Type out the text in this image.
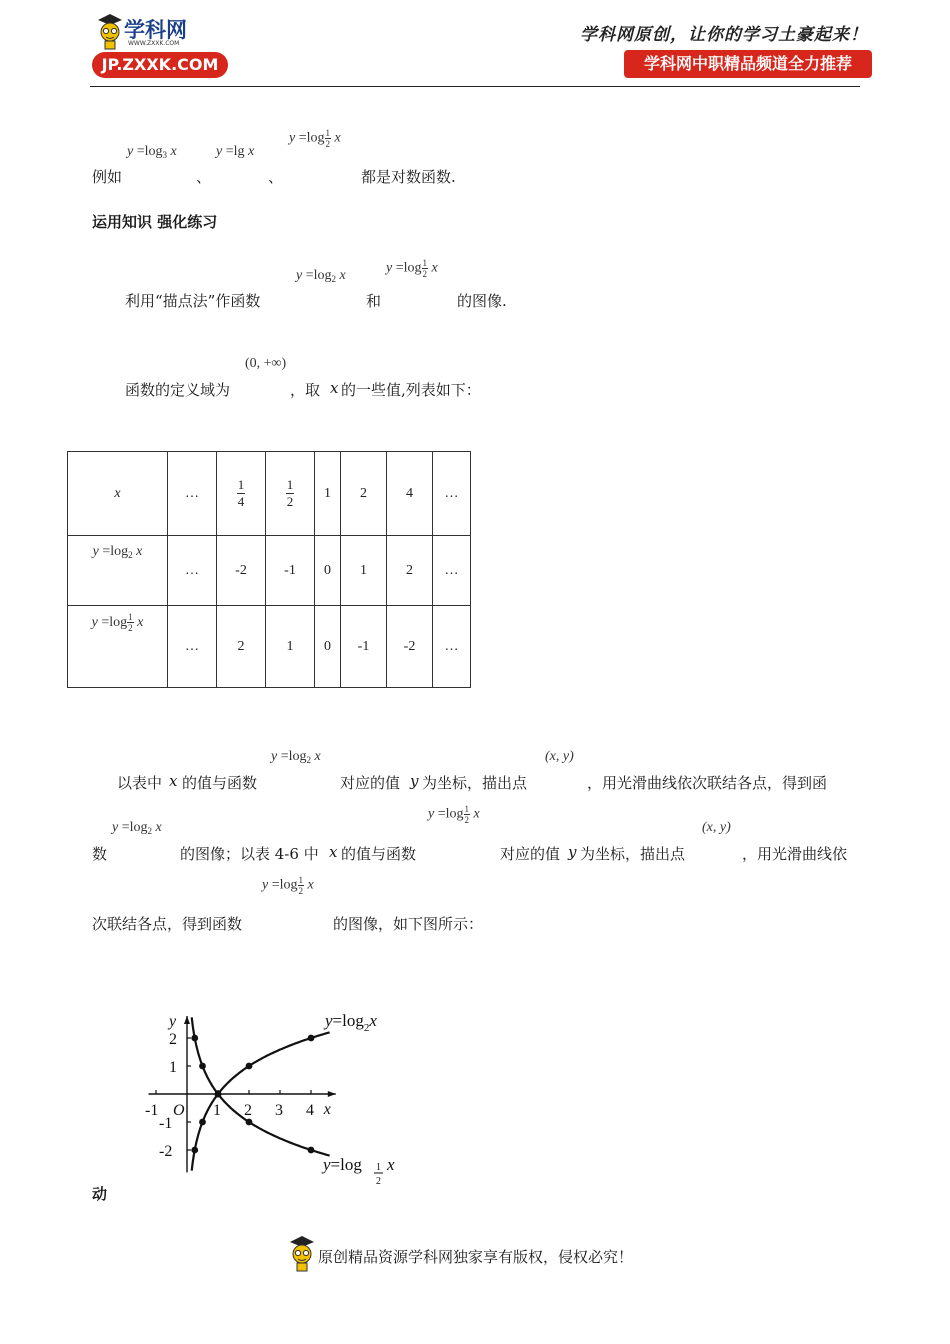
学科网
WWW.ZXXK.COM
JP.ZXXK.COM
学科网原创，让你的学习土豪起来！
学科网中职精品频道全力推荐
$y =\log_3$ x	y =lg x
$y =\log \frac{1}{2}$ x
例如	、	、	都是对数函数.
运用知识 强化练习
$y =\log_2$ x	$y =\log \frac{1}{2}$ x
利用“描点法”作函数	和	的图像.
(0, +∞)
函数的定义域为	，取 x 的一些值,列表如下：
x	…	$\frac{1}{4}$	$\frac{1}{2}$	1	2	4	…
$y =\log_2$ x	…	-2	-1	0	1	2	…
$y =\log \frac{1}{2}$ x	…	2	1	0	-1	-2	…
$y =\log_2$ x	(x, y)
以表中 x 的值与函数	对应的值 y 为坐标，描出点	，用光滑曲线依次联结各点，得到函
$y =\log_2$ x
$y =\log \frac{1}{2}$ x
(x, y)
数	的图像；以表 4-6 中 x 的值与函数	对应的值 y 为坐标，描出点	，用光滑曲线依
$y =\log \frac{1}{2}$ x
次联结各点，得到函数	的图像，如下图所示：
x
y
-1 O 1 2 3 4
2
1
-1
-2
$y=\log_2x$
y=log 1
2
x
动
原创精品资源学科网独家享有版权，侵权必究！
